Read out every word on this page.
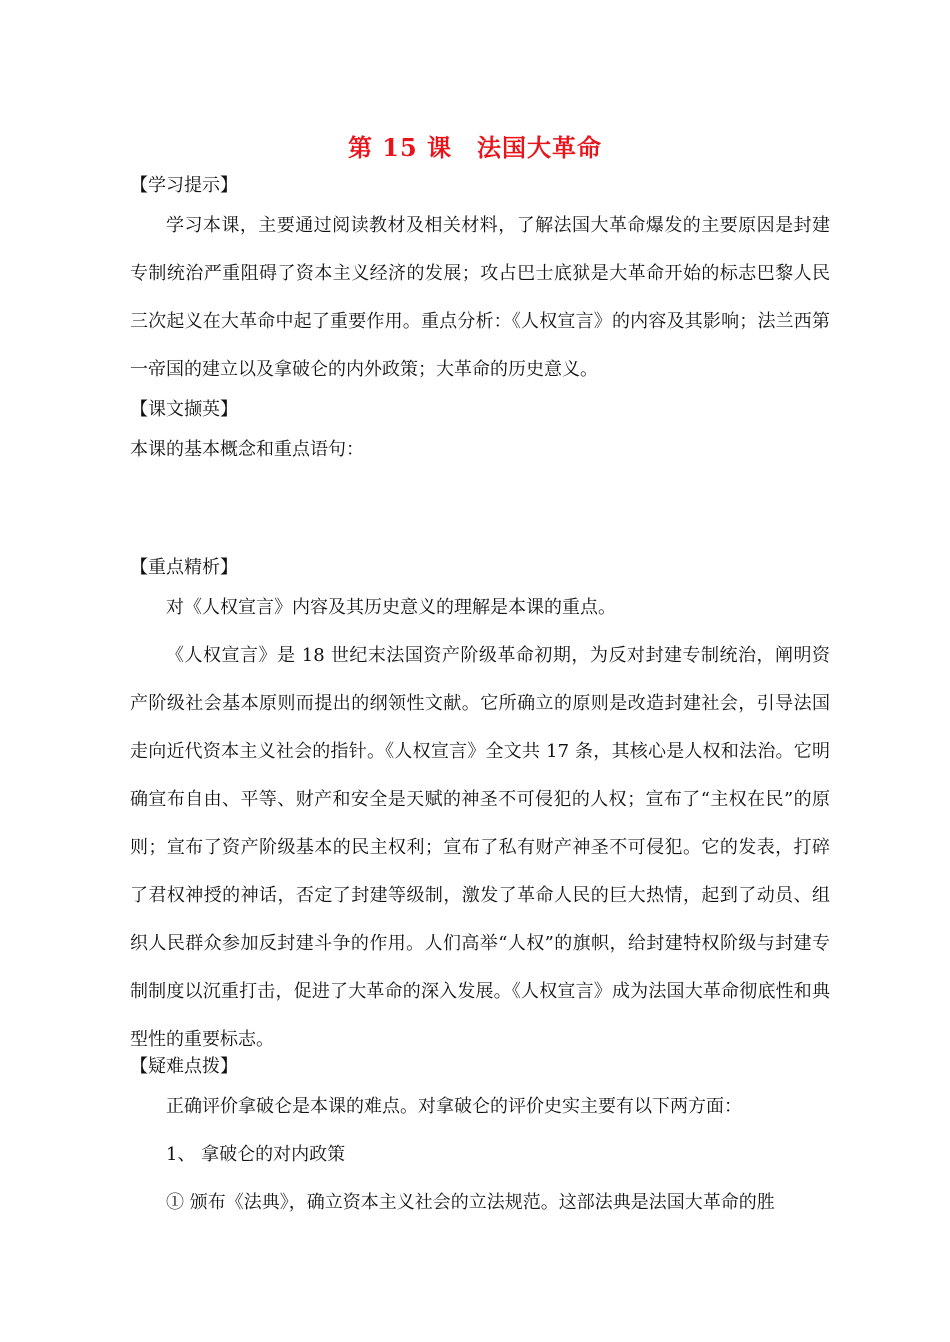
第 15 课　法国大革命

【学习提示】

学习本课，主要通过阅读教材及相关材料，了解法国大革命爆发的主要原因是封建专制统治严重阻碍了资本主义经济的发展；攻占巴士底狱是大革命开始的标志巴黎人民三次起义在大革命中起了重要作用。重点分析：《人权宣言》的内容及其影响；法兰西第一帝国的建立以及拿破仑的内外政策；大革命的历史意义。

【课文撷英】

本课的基本概念和重点语句：

【重点精析】

对《人权宣言》内容及其历史意义的理解是本课的重点。

《人权宣言》是 18 世纪末法国资产阶级革命初期，为反对封建专制统治，阐明资产阶级社会基本原则而提出的纲领性文献。它所确立的原则是改造封建社会，引导法国走向近代资本主义社会的指针。《人权宣言》全文共 17 条，其核心是人权和法治。它明确宣布自由、平等、财产和安全是天赋的神圣不可侵犯的人权；宣布了“主权在民”的原则；宣布了资产阶级基本的民主权利；宣布了私有财产神圣不可侵犯。它的发表，打碎了君权神授的神话，否定了封建等级制，激发了革命人民的巨大热情，起到了动员、组织人民群众参加反封建斗争的作用。人们高举“人权”的旗帜，给封建特权阶级与封建专制制度以沉重打击，促进了大革命的深入发展。《人权宣言》成为法国大革命彻底性和典型性的重要标志。

【疑难点拨】

正确评价拿破仑是本课的难点。对拿破仑的评价史实主要有以下两方面：

1、 拿破仑的对内政策

① 颁布《法典》，确立资本主义社会的立法规范。这部法典是法国大革命的胜
